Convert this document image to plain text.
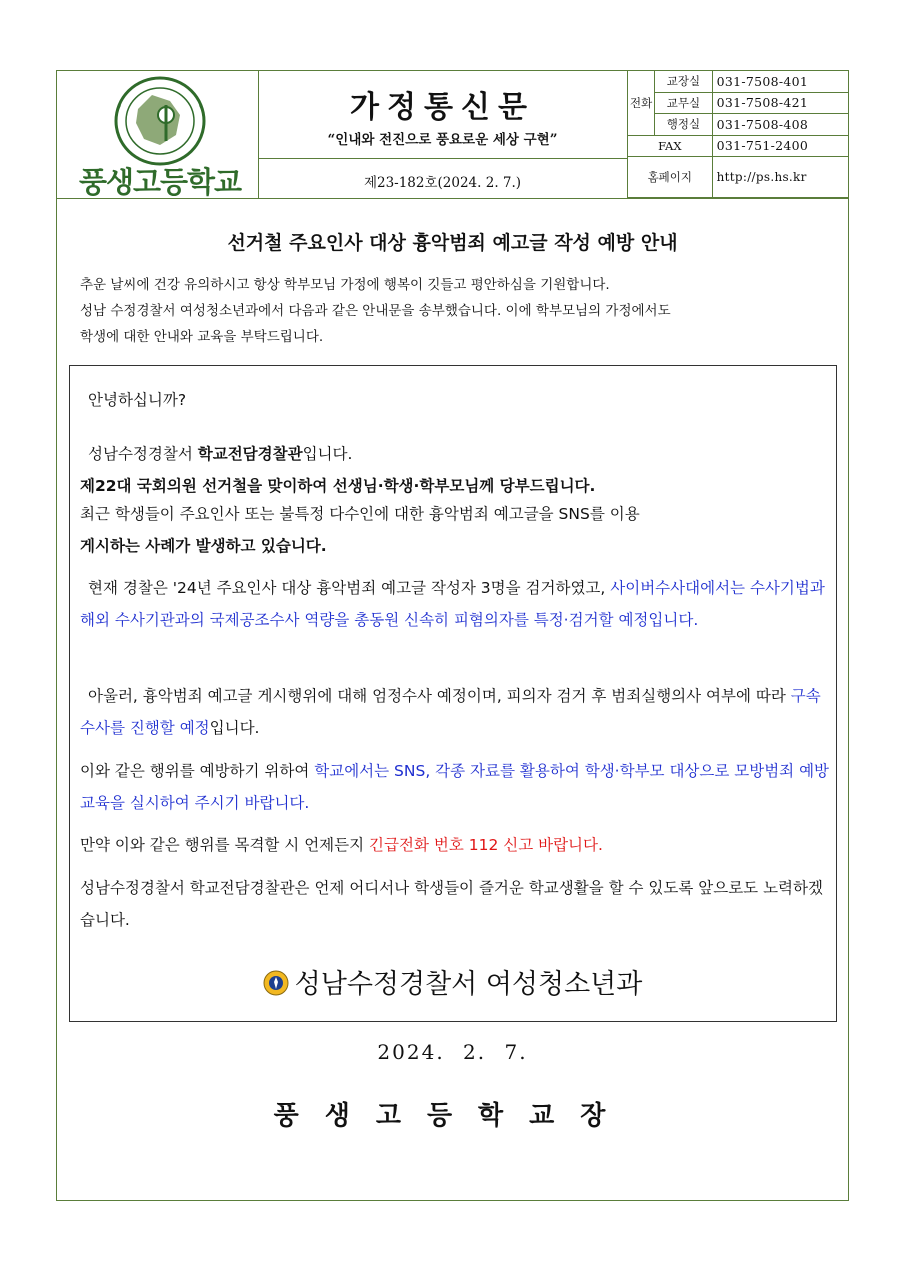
풍생고등학교
가정통신문
“인내와 전진으로 풍요로운 세상 구현”
제23-182호(2024. 2. 7.)
전화	교장실	031-7508-401
	교무실	031-7508-421
	행정실	031-7508-408
FAX		031-751-2400
홈페이지		http://ps.hs.kr
선거철 주요인사 대상 흉악범죄 예고글 작성 예방 안내

추운 날씨에 건강 유의하시고 항상 학부모님 가정에 행복이 깃들고 평안하심을 기원합니다.

성남 수정경찰서 여성청소년과에서 다음과 같은 안내문을 송부했습니다. 이에 학부모님의 가정에서도

학생에 대한 안내와 교육을 부탁드립니다.

안녕하십니까?

성남수정경찰서 학교전담경찰관입니다.

제22대 국회의원 선거철을 맞이하여 선생님·학생·학부모님께 당부드립니다.

최근 학생들이 주요인사 또는 불특정 다수인에 대한 흉악범죄 예고글을 SNS를 이용

게시하는 사례가 발생하고 있습니다.

현재 경찰은 '24년 주요인사 대상 흉악범죄 예고글 작성자 3명을 검거하였고, 사이버수사대에서는 수사기법과 해외 수사기관과의 국제공조수사 역량을 총동원 신속히 피혐의자를 특정·검거할 예정입니다.

아울러, 흉악범죄 예고글 게시행위에 대해 엄정수사 예정이며, 피의자 검거 후 범죄실행의사 여부에 따라 구속수사를 진행할 예정입니다.

이와 같은 행위를 예방하기 위하여 학교에서는 SNS, 각종 자료를 활용하여 학생·학부모 대상으로 모방범죄 예방교육을 실시하여 주시기 바랍니다.

만약 이와 같은 행위를 목격할 시 언제든지 긴급전화 번호 112 신고 바랍니다.

성남수정경찰서 학교전담경찰관은 언제 어디서나 학생들이 즐거운 학교생활을 할 수 있도록 앞으로도 노력하겠습니다.

성남수정경찰서 여성청소년과
2024. 2. 7.
풍생고등학교장
